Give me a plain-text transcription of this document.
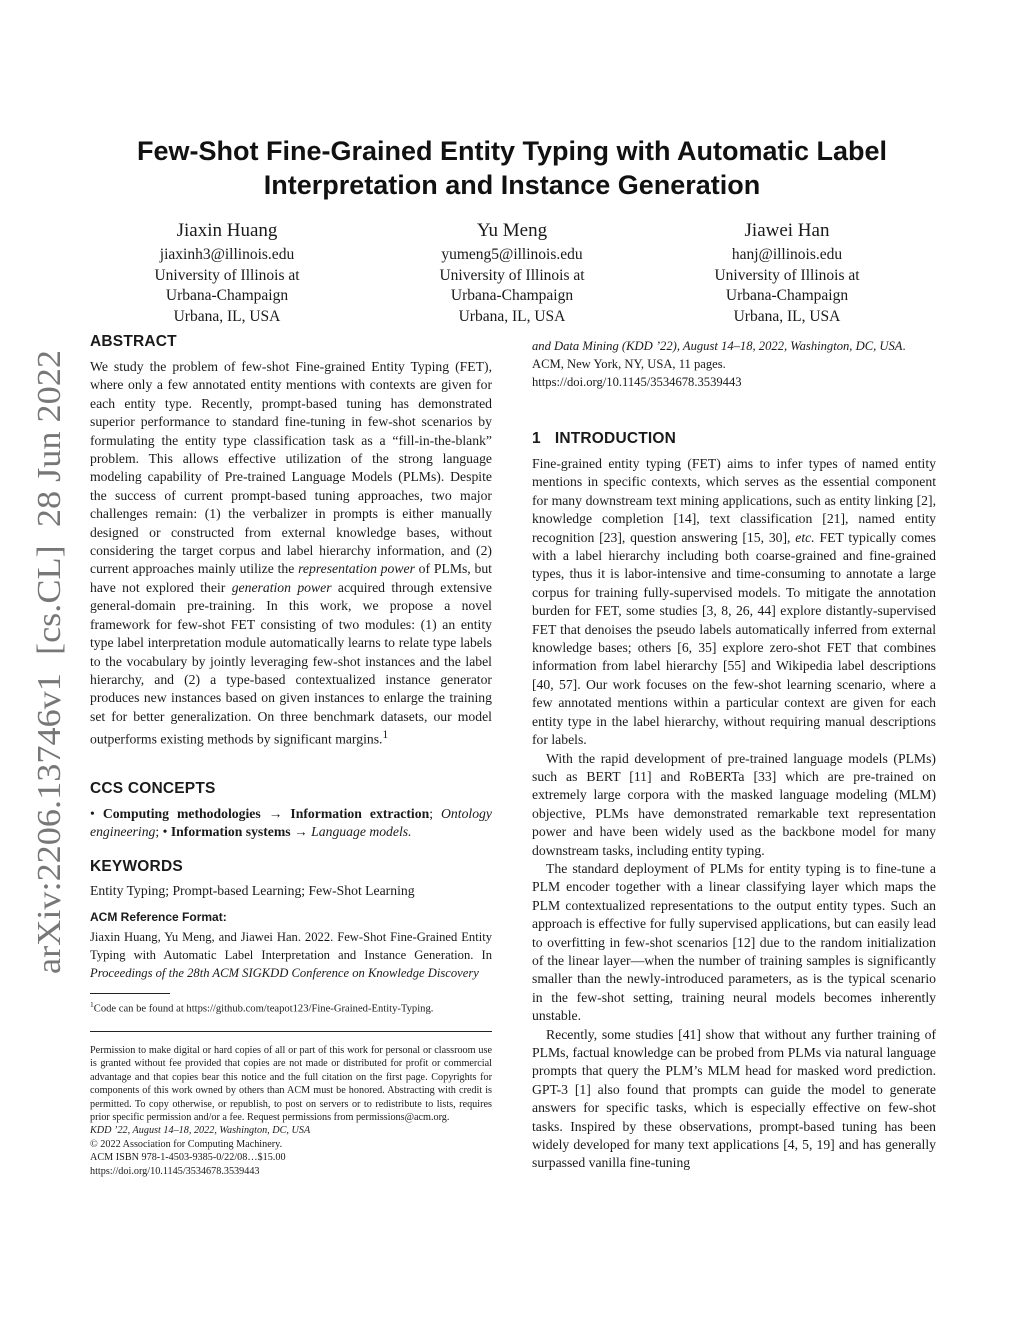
arXiv:2206.13746v1  [cs.CL]  28 Jun 2022
Few-Shot Fine-Grained Entity Typing with Automatic Label
Interpretation and Instance Generation
Jiaxin Huang
jiaxinh3@illinois.edu
University of Illinois at
Urbana-Champaign
Urbana, IL, USA
Yu Meng
yumeng5@illinois.edu
University of Illinois at
Urbana-Champaign
Urbana, IL, USA
Jiawei Han
hanj@illinois.edu
University of Illinois at
Urbana-Champaign
Urbana, IL, USA
ABSTRACT
We study the problem of few-shot Fine-grained Entity Typing (FET), where only a few annotated entity mentions with contexts are given for each entity type. Recently, prompt-based tuning has demonstrated superior performance to standard fine-tuning in few-shot scenarios by formulating the entity type classification task as a “fill-in-the-blank” problem. This allows effective utilization of the strong language modeling capability of Pre-trained Language Models (PLMs). Despite the success of current prompt-based tuning approaches, two major challenges remain: (1) the verbalizer in prompts is either manually designed or constructed from external knowledge bases, without considering the target corpus and label hierarchy information, and (2) current approaches mainly utilize the representation power of PLMs, but have not explored their generation power acquired through extensive general-domain pre-training. In this work, we propose a novel framework for few-shot FET consisting of two modules: (1) an entity type label interpretation module automatically learns to relate type labels to the vocabulary by jointly leveraging few-shot instances and the label hierarchy, and (2) a type-based contextualized instance generator produces new instances based on given instances to enlarge the training set for better generalization. On three benchmark datasets, our model outperforms existing methods by significant margins.$^1$
CCS CONCEPTS
• Computing methodologies → Information extraction; Ontology engineering; • Information systems → Language models.
KEYWORDS
Entity Typing; Prompt-based Learning; Few-Shot Learning
ACM Reference Format:
Jiaxin Huang, Yu Meng, and Jiawei Han. 2022. Few-Shot Fine-Grained Entity Typing with Automatic Label Interpretation and Instance Generation. In Proceedings of the 28th ACM SIGKDD Conference on Knowledge Discovery
$^1$Code can be found at https://github.com/teapot123/Fine-Grained-Entity-Typing.
Permission to make digital or hard copies of all or part of this work for personal or classroom use is granted without fee provided that copies are not made or distributed for profit or commercial advantage and that copies bear this notice and the full citation on the first page. Copyrights for components of this work owned by others than ACM must be honored. Abstracting with credit is permitted. To copy otherwise, or republish, to post on servers or to redistribute to lists, requires prior specific permission and/or a fee. Request permissions from permissions@acm.org.
KDD ’22, August 14–18, 2022, Washington, DC, USA
© 2022 Association for Computing Machinery.
ACM ISBN 978-1-4503-9385-0/22/08…$15.00
https://doi.org/10.1145/3534678.3539443
and Data Mining (KDD ’22), August 14–18, 2022, Washington, DC, USA. ACM, New York, NY, USA, 11 pages. https://doi.org/10.1145/3534678.3539443
1 INTRODUCTION

Fine-grained entity typing (FET) aims to infer types of named entity mentions in specific contexts, which serves as the essential component for many downstream text mining applications, such as entity linking [2], knowledge completion [14], text classification [21], named entity recognition [23], question answering [15, 30], etc. FET typically comes with a label hierarchy including both coarse-grained and fine-grained types, thus it is labor-intensive and time-consuming to annotate a large corpus for training fully-supervised models. To mitigate the annotation burden for FET, some studies [3, 8, 26, 44] explore distantly-supervised FET that denoises the pseudo labels automatically inferred from external knowledge bases; others [6, 35] explore zero-shot FET that combines information from label hierarchy [55] and Wikipedia label descriptions [40, 57]. Our work focuses on the few-shot learning scenario, where a few annotated mentions within a particular context are given for each entity type in the label hierarchy, without requiring manual descriptions for labels.

With the rapid development of pre-trained language models (PLMs) such as BERT [11] and RoBERTa [33] which are pre-trained on extremely large corpora with the masked language modeling (MLM) objective, PLMs have demonstrated remarkable text representation power and have been widely used as the backbone model for many downstream tasks, including entity typing.

The standard deployment of PLMs for entity typing is to fine-tune a PLM encoder together with a linear classifying layer which maps the PLM contextualized representations to the output entity types. Such an approach is effective for fully supervised applications, but can easily lead to overfitting in few-shot scenarios [12] due to the random initialization of the linear layer—when the number of training samples is significantly smaller than the newly-introduced parameters, as is the typical scenario in the few-shot setting, training neural models becomes inherently unstable.

Recently, some studies [41] show that without any further training of PLMs, factual knowledge can be probed from PLMs via natural language prompts that query the PLM’s MLM head for masked word prediction. GPT-3 [1] also found that prompts can guide the model to generate answers for specific tasks, which is especially effective on few-shot tasks. Inspired by these observations, prompt-based tuning has been widely developed for many text applications [4, 5, 19] and has generally surpassed vanilla fine-tuning
